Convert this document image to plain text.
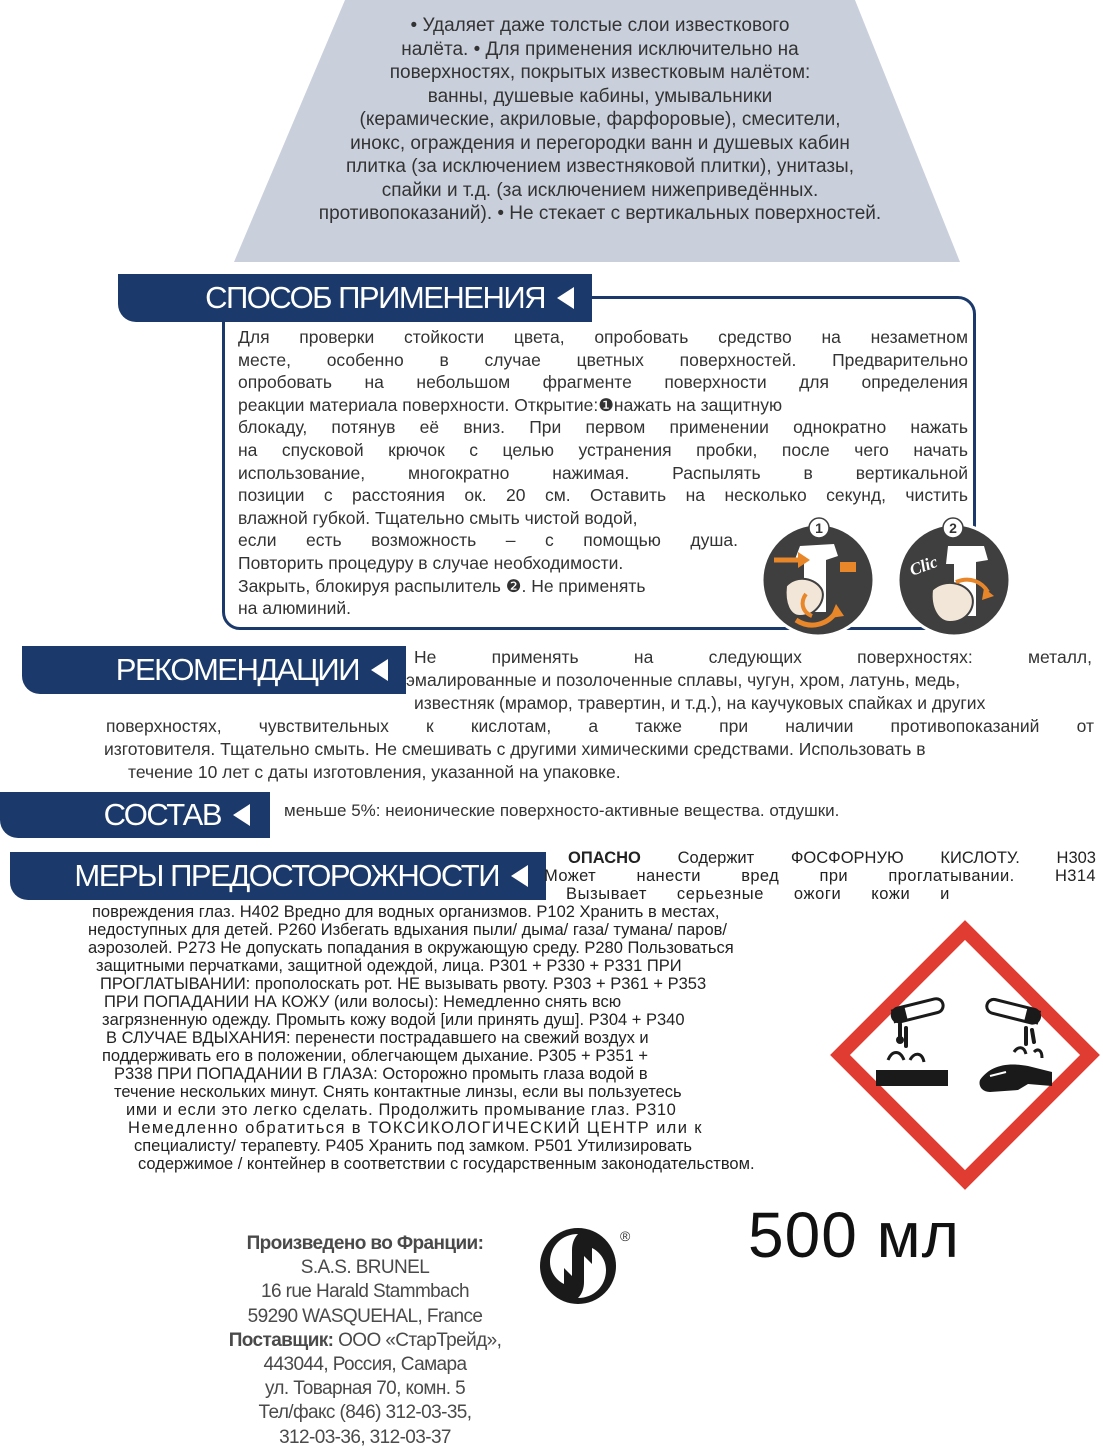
• Удаляет даже толстые слои известкового
налёта. • Для применения исключительно на
поверхностях, покрытых известковым налётом:
ванны, душевые кабины, умывальники
(керамические, акриловые, фарфоровые), смесители,
инокс, ограждения и перегородки ванн и душевых кабин
плитка (за исключением известняковой плитки), унитазы,
спайки и т.д. (за исключением нижеприведённых.
противопоказаний). • Не стекает с вертикальных поверхностей.
СПОСОБ ПРИМЕНЕНИЯ
Для проверки стойкости цвета, опробовать средство на незаметном
месте, особенно в случае цветных поверхностей. Предварительно
опробовать на небольшом фрагменте поверхности для определения
реакции материала поверхности. Открытие:❶нажать на защитную
блокаду, потянув её вниз. При первом применении однократно нажать
на спусковой крючок с целью устранения пробки, после чего начать
использование, многократно нажимая. Распылять в вертикальной
позиции с расстояния ок. 20 см. Оставить на несколько секунд, чистить
влажной губкой. Тщательно смыть чистой водой,
если есть возможность – с помощью душа.
Повторить процедуру в случае необходимости.
Закрыть, блокируя распылитель ❷. Не применять
на алюминий.
1
Clic
2
РЕКОМЕНДАЦИИ	Не применять на следующих поверхностях: металл,
эмалированные и позолоченные сплавы, чугун, хром, латунь, медь,
известняк (мрамор, травертин, и т.д.), на каучуковых спайках и других
поверхностях, чувствительных к кислотам, а также при наличии противопоказаний от
изготовителя. Тщательно смыть. Не смешивать с другими химическими средствами. Использовать в
течение 10 лет с даты изготовления, указанной на упаковке.
СОСТАВ	меньше 5%: неионические поверхносто-активные вещества. отдушки.
МЕРЫ ПРЕДОСТОРОЖНОСТИ	ОПАСНО Содержит ФОСФОРНУЮ КИСЛОТУ. H303
Может нанести вред при проглатывании. H314
Вызывает серьезные ожоги кожи и
повреждения глаз. H402 Вредно для водных организмов. P102 Хранить в местах,
недоступных для детей. P260 Избегать вдыхания пыли/ дыма/ газа/ тумана/ паров/
аэрозолей. P273 Не допускать попадания в окружающую среду. P280 Пользоваться
защитными перчатками, защитной одеждой, лица. P301 + P330 + P331 ПРИ
ПРОГЛАТЫВАНИИ: прополоскать рот. НЕ вызывать рвоту. P303 + P361 + P353
ПРИ ПОПАДАНИИ НА КОЖУ (или волосы): Немедленно снять всю
загрязненную одежду. Промыть кожу водой [или принять душ]. P304 + P340
В СЛУЧАЕ ВДЫХАНИЯ: перенести пострадавшего на свежий воздух и
поддерживать его в положении, облегчающем дыхание. P305 + P351 +
P338 ПРИ ПОПАДАНИИ В ГЛАЗА: Осторожно промыть глаза водой в
течение нескольких минут. Снять контактные линзы, если вы пользуетесь
ими и если это легко сделать. Продолжить промывание глаз. P310
Немедленно обратиться в ТОКСИКОЛОГИЧЕСКИЙ ЦЕНТР или к
специалисту/ терапевту. P405 Хранить под замком. P501 Утилизировать
содержимое / контейнер в соответствии с государственным законодательством.
Произведено во Франции:
S.A.S. BRUNEL
16 rue Harald Stammbach
59290 WASQUEHAL, France
Поставщик: ООО «СтарТрейд»,
443044, Россия, Самара
ул. Товарная 70, комн. 5
Тел/факс (846) 312-03-35,
312-03-36, 312-03-37
® 500 мл
